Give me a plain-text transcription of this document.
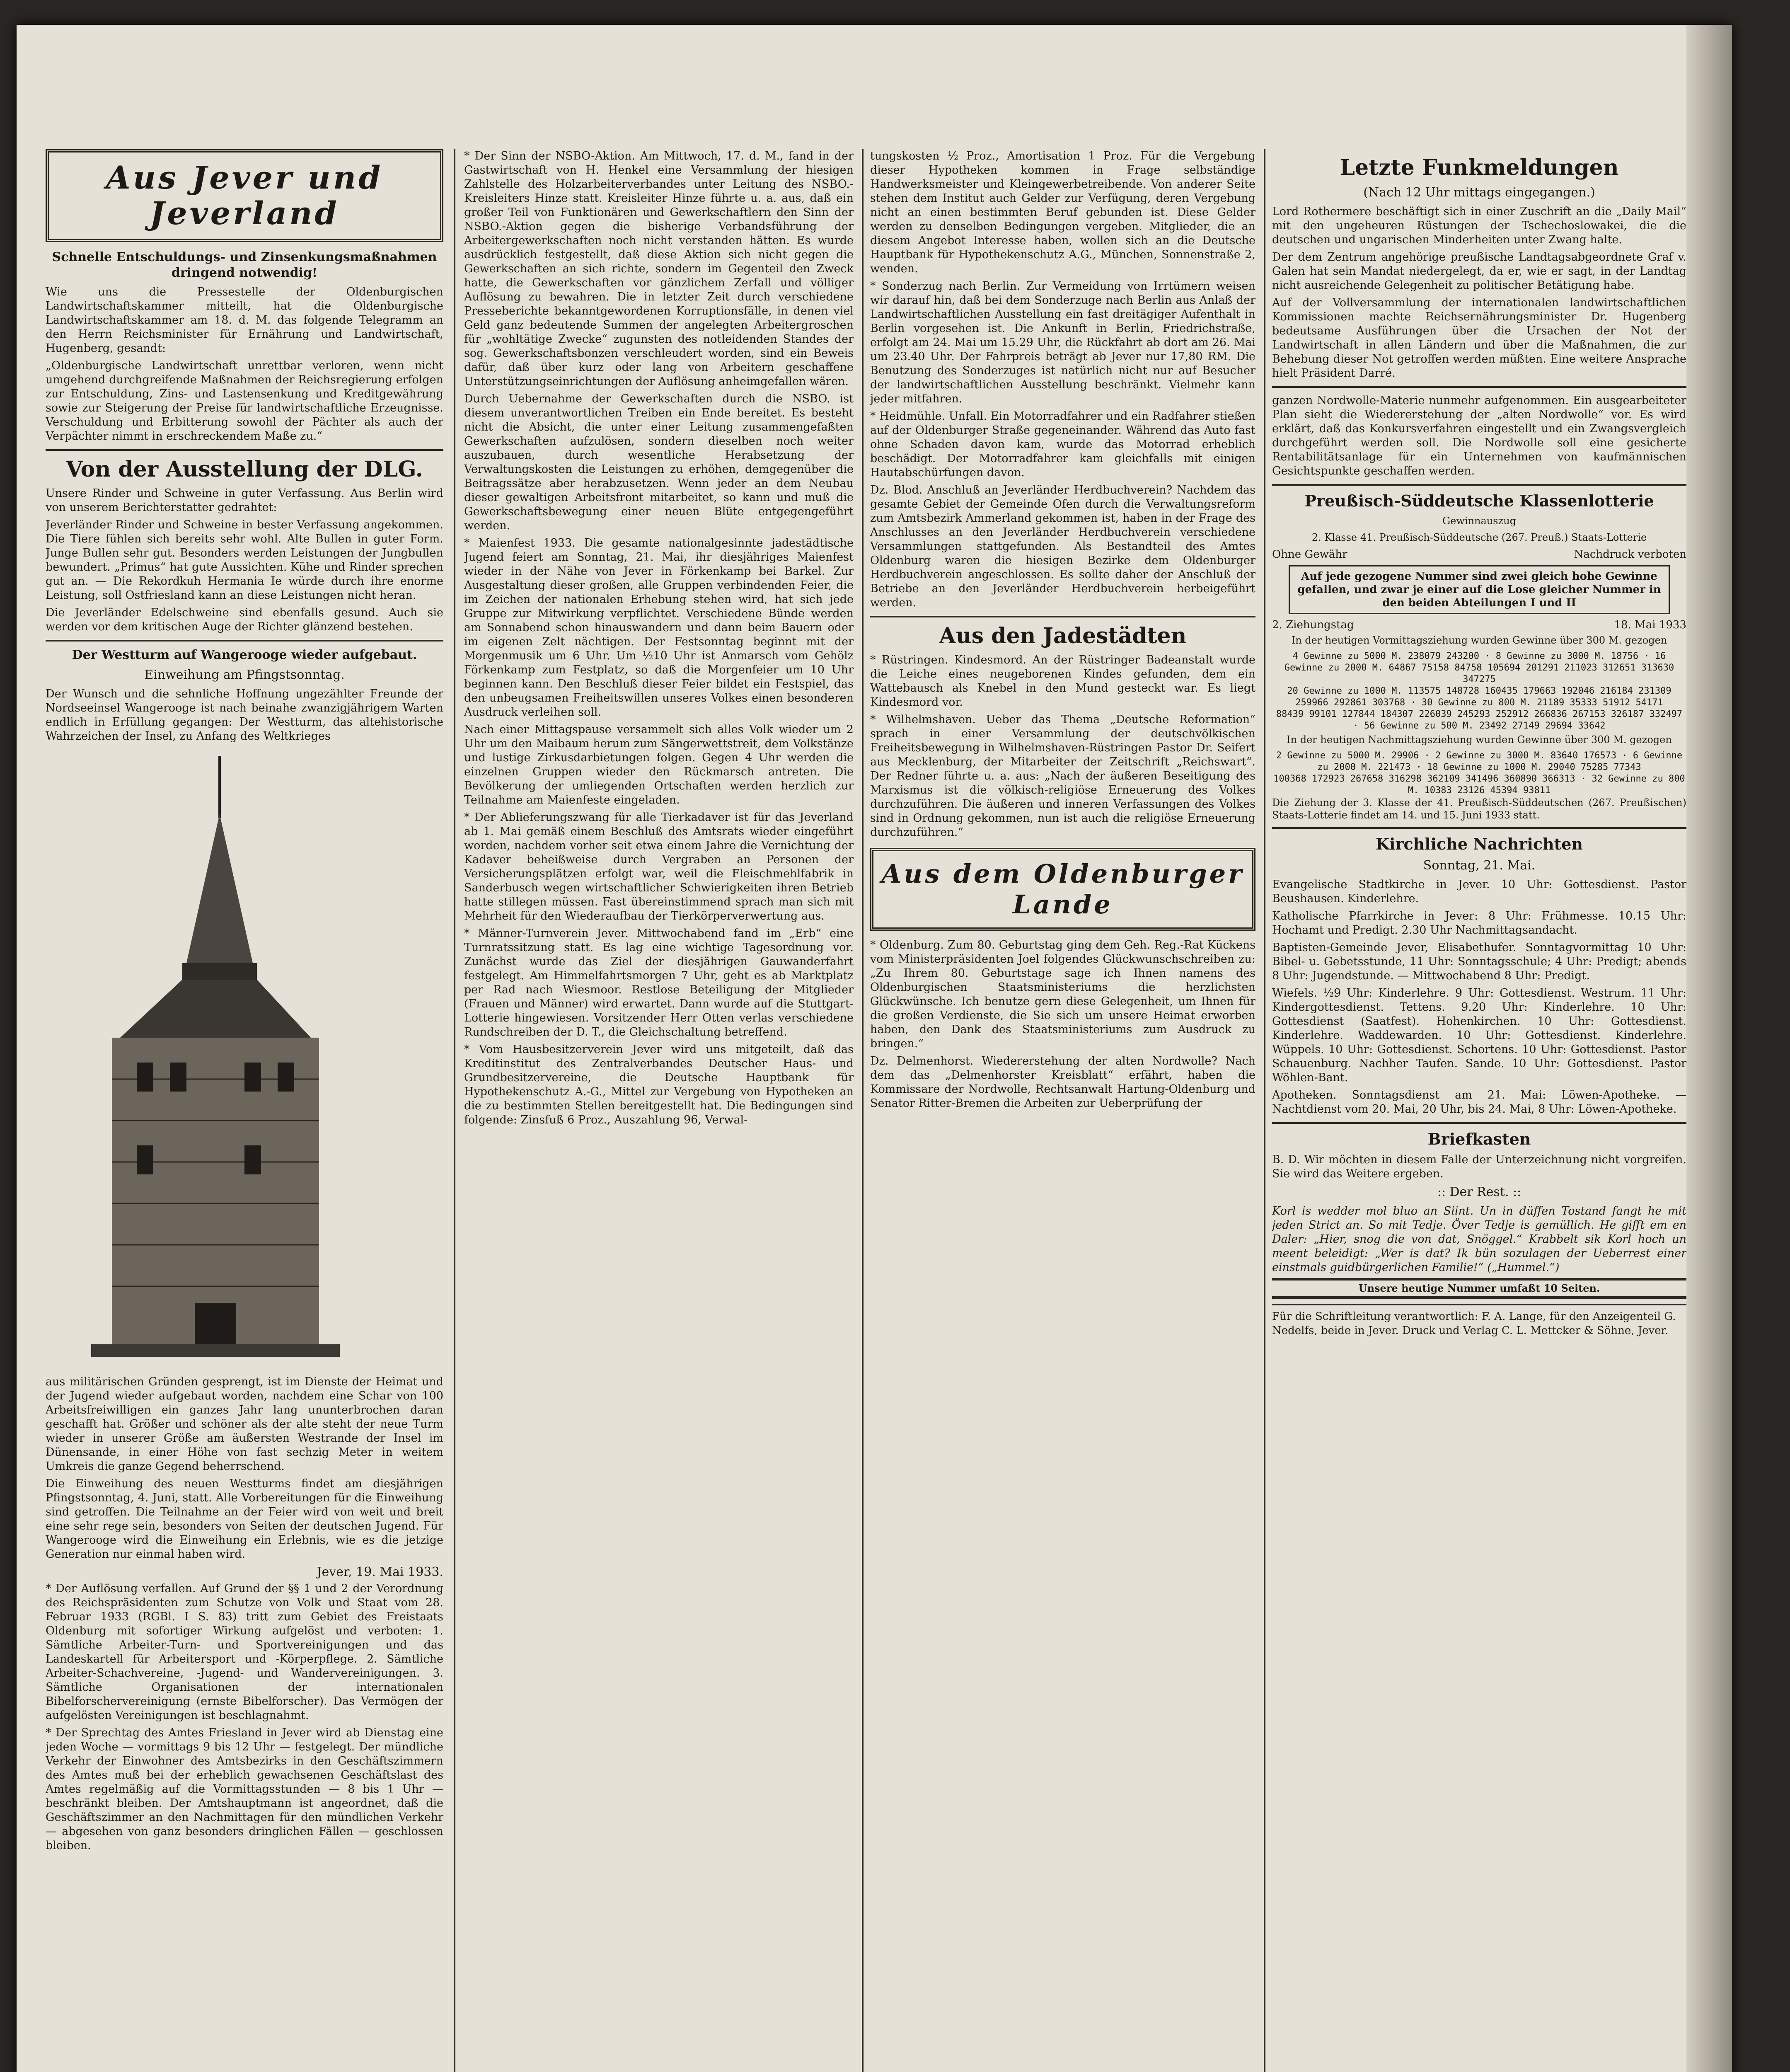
Aus Jever und Jeverland
Schnelle Entschuldungs- und Zinsenkungsmaßnahmen dringend notwendig!

Wie uns die Pressestelle der Oldenburgischen Landwirtschaftskammer mitteilt, hat die Oldenburgische Landwirtschaftskammer am 18. d. M. das folgende Telegramm an den Herrn Reichsminister für Ernährung und Landwirtschaft, Hugenberg, gesandt:

„Oldenburgische Landwirtschaft unrettbar verloren, wenn nicht umgehend durchgreifende Maßnahmen der Reichsregierung erfolgen zur Entschuldung, Zins- und Lastensenkung und Kreditgewährung sowie zur Steigerung der Preise für landwirtschaftliche Erzeugnisse. Verschuldung und Erbitterung sowohl der Pächter als auch der Verpächter nimmt in erschreckendem Maße zu.“

Von der Ausstellung der DLG.

Unsere Rinder und Schweine in guter Verfassung. Aus Berlin wird von unserem Berichterstatter gedrahtet:

Jeverländer Rinder und Schweine in bester Verfassung angekommen. Die Tiere fühlen sich bereits sehr wohl. Alte Bullen in guter Form. Junge Bullen sehr gut. Besonders werden Leistungen der Jungbullen bewundert. „Primus“ hat gute Aussichten. Kühe und Rinder sprechen gut an. — Die Rekordkuh Hermania Ie würde durch ihre enorme Leistung, soll Ostfriesland kann an diese Leistungen nicht heran.

Die Jeverländer Edelschweine sind ebenfalls gesund. Auch sie werden vor dem kritischen Auge der Richter glänzend bestehen.

Der Westturm auf Wangerooge wieder aufgebaut.
Einweihung am Pfingstsonntag.

Der Wunsch und die sehnliche Hoffnung ungezählter Freunde der Nordseeinsel Wangerooge ist nach beinahe zwanzigjährigem Warten endlich in Erfüllung gegangen: Der Westturm, das altehistorische Wahrzeichen der Insel, zu Anfang des Weltkrieges

aus militärischen Gründen gesprengt, ist im Dienste der Heimat und der Jugend wieder aufgebaut worden, nachdem eine Schar von 100 Arbeitsfreiwilligen ein ganzes Jahr lang ununterbrochen daran geschafft hat. Größer und schöner als der alte steht der neue Turm wieder in unserer Größe am äußersten Westrande der Insel im Dünensande, in einer Höhe von fast sechzig Meter in weitem Umkreis die ganze Gegend beherrschend.

Die Einweihung des neuen Westturms findet am diesjährigen Pfingstsonntag, 4. Juni, statt. Alle Vorbereitungen für die Einweihung sind getroffen. Die Teilnahme an der Feier wird von weit und breit eine sehr rege sein, besonders von Seiten der deutschen Jugend. Für Wangerooge wird die Einweihung ein Erlebnis, wie es die jetzige Generation nur einmal haben wird.

Jever, 19. Mai 1933.

* Der Auflösung verfallen. Auf Grund der §§ 1 und 2 der Verordnung des Reichspräsidenten zum Schutze von Volk und Staat vom 28. Februar 1933 (RGBl. I S. 83) tritt zum Gebiet des Freistaats Oldenburg mit sofortiger Wirkung aufgelöst und verboten: 1. Sämtliche Arbeiter-Turn- und Sportvereinigungen und das Landeskartell für Arbeitersport und -Körperpflege. 2. Sämtliche Arbeiter-Schachvereine, -Jugend- und Wandervereinigungen. 3. Sämtliche Organisationen der internationalen Bibelforschervereinigung (ernste Bibelforscher). Das Vermögen der aufgelösten Vereinigungen ist beschlagnahmt.

* Der Sprechtag des Amtes Friesland in Jever wird ab Dienstag eine jeden Woche — vormittags 9 bis 12 Uhr — festgelegt. Der mündliche Verkehr der Einwohner des Amtsbezirks in den Geschäftszimmern des Amtes muß bei der erheblich gewachsenen Geschäftslast des Amtes regelmäßig auf die Vormittagsstunden — 8 bis 1 Uhr — beschränkt bleiben. Der Amtshauptmann ist angeordnet, daß die Geschäftszimmer an den Nachmittagen für den mündlichen Verkehr — abgesehen von ganz besonders dringlichen Fällen — geschlossen bleiben.

* Der Sinn der NSBO-Aktion. Am Mittwoch, 17. d. M., fand in der Gastwirtschaft von H. Henkel eine Versammlung der hiesigen Zahlstelle des Holzarbeiterverbandes unter Leitung des NSBO.-Kreisleiters Hinze statt. Kreisleiter Hinze führte u. a. aus, daß ein großer Teil von Funktionären und Gewerkschaftlern den Sinn der NSBO.-Aktion gegen die bisherige Verbandsführung der Arbeitergewerkschaften noch nicht verstanden hätten. Es wurde ausdrücklich festgestellt, daß diese Aktion sich nicht gegen die Gewerkschaften an sich richte, sondern im Gegenteil den Zweck hatte, die Gewerkschaften vor gänzlichem Zerfall und völliger Auflösung zu bewahren. Die in letzter Zeit durch verschiedene Presseberichte bekanntgewordenen Korruptionsfälle, in denen viel Geld ganz bedeutende Summen der angelegten Arbeitergroschen für „wohltätige Zwecke“ zugunsten des notleidenden Standes der sog. Gewerkschaftsbonzen verschleudert worden, sind ein Beweis dafür, daß über kurz oder lang von Arbeitern geschaffene Unterstützungseinrichtungen der Auflösung anheimgefallen wären.

Durch Uebernahme der Gewerkschaften durch die NSBO. ist diesem unverantwortlichen Treiben ein Ende bereitet. Es besteht nicht die Absicht, die unter einer Leitung zusammengefaßten Gewerkschaften aufzulösen, sondern dieselben noch weiter auszubauen, durch wesentliche Herabsetzung der Verwaltungskosten die Leistungen zu erhöhen, demgegenüber die Beitragssätze aber herabzusetzen. Wenn jeder an dem Neubau dieser gewaltigen Arbeitsfront mitarbeitet, so kann und muß die Gewerkschaftsbewegung einer neuen Blüte entgegengeführt werden.

* Maienfest 1933. Die gesamte nationalgesinnte jadestädtische Jugend feiert am Sonntag, 21. Mai, ihr diesjähriges Maienfest wieder in der Nähe von Jever in Förkenkamp bei Barkel. Zur Ausgestaltung dieser großen, alle Gruppen verbindenden Feier, die im Zeichen der nationalen Erhebung stehen wird, hat sich jede Gruppe zur Mitwirkung verpflichtet. Verschiedene Bünde werden am Sonnabend schon hinauswandern und dann beim Bauern oder im eigenen Zelt nächtigen. Der Festsonntag beginnt mit der Morgenmusik um 6 Uhr. Um ½10 Uhr ist Anmarsch vom Gehölz Förkenkamp zum Festplatz, so daß die Morgenfeier um 10 Uhr beginnen kann. Den Beschluß dieser Feier bildet ein Festspiel, das den unbeugsamen Freiheitswillen unseres Volkes einen besonderen Ausdruck verleihen soll.

Nach einer Mittagspause versammelt sich alles Volk wieder um 2 Uhr um den Maibaum herum zum Sängerwettstreit, dem Volkstänze und lustige Zirkusdarbietungen folgen. Gegen 4 Uhr werden die einzelnen Gruppen wieder den Rückmarsch antreten. Die Bevölkerung der umliegenden Ortschaften werden herzlich zur Teilnahme am Maienfeste eingeladen.

* Der Ablieferungszwang für alle Tierkadaver ist für das Jeverland ab 1. Mai gemäß einem Beschluß des Amtsrats wieder eingeführt worden, nachdem vorher seit etwa einem Jahre die Vernichtung der Kadaver beheißweise durch Vergraben an Personen der Versicherungsplätzen erfolgt war, weil die Fleischmehlfabrik in Sanderbusch wegen wirtschaftlicher Schwierigkeiten ihren Betrieb hatte stillegen müssen. Fast übereinstimmend sprach man sich mit Mehrheit für den Wiederaufbau der Tierkörperverwertung aus.

* Männer-Turnverein Jever. Mittwochabend fand im „Erb“ eine Turnratssitzung statt. Es lag eine wichtige Tagesordnung vor. Zunächst wurde das Ziel der diesjährigen Gauwanderfahrt festgelegt. Am Himmelfahrtsmorgen 7 Uhr, geht es ab Marktplatz per Rad nach Wiesmoor. Restlose Beteiligung der Mitglieder (Frauen und Männer) wird erwartet. Dann wurde auf die Stuttgart-Lotterie hingewiesen. Vorsitzender Herr Otten verlas verschiedene Rundschreiben der D. T., die Gleichschaltung betreffend.

* Vom Hausbesitzerverein Jever wird uns mitgeteilt, daß das Kreditinstitut des Zentralverbandes Deutscher Haus- und Grundbesitzervereine, die Deutsche Hauptbank für Hypothekenschutz A.-G., Mittel zur Vergebung von Hypotheken an die zu bestimmten Stellen bereitgestellt hat. Die Bedingungen sind folgende: Zinsfuß 6 Proz., Auszahlung 96, Verwal-

tungskosten ½ Proz., Amortisation 1 Proz. Für die Vergebung dieser Hypotheken kommen in Frage selbständige Handwerksmeister und Kleingewerbetreibende. Von anderer Seite stehen dem Institut auch Gelder zur Verfügung, deren Vergebung nicht an einen bestimmten Beruf gebunden ist. Diese Gelder werden zu denselben Bedingungen vergeben. Mitglieder, die an diesem Angebot Interesse haben, wollen sich an die Deutsche Hauptbank für Hypothekenschutz A.G., München, Sonnenstraße 2, wenden.

* Sonderzug nach Berlin. Zur Vermeidung von Irrtümern weisen wir darauf hin, daß bei dem Sonderzuge nach Berlin aus Anlaß der Landwirtschaftlichen Ausstellung ein fast dreitägiger Aufenthalt in Berlin vorgesehen ist. Die Ankunft in Berlin, Friedrichstraße, erfolgt am 24. Mai um 15.29 Uhr, die Rückfahrt ab dort am 26. Mai um 23.40 Uhr. Der Fahrpreis beträgt ab Jever nur 17,80 RM. Die Benutzung des Sonderzuges ist natürlich nicht nur auf Besucher der landwirtschaftlichen Ausstellung beschränkt. Vielmehr kann jeder mitfahren.

* Heidmühle. Unfall. Ein Motorradfahrer und ein Radfahrer stießen auf der Oldenburger Straße gegeneinander. Während das Auto fast ohne Schaden davon kam, wurde das Motorrad erheblich beschädigt. Der Motorradfahrer kam gleichfalls mit einigen Hautabschürfungen davon.

Dz. Blod. Anschluß an Jeverländer Herdbuchverein? Nachdem das gesamte Gebiet der Gemeinde Ofen durch die Verwaltungsreform zum Amtsbezirk Ammerland gekommen ist, haben in der Frage des Anschlusses an den Jeverländer Herdbuchverein verschiedene Versammlungen stattgefunden. Als Bestandteil des Amtes Oldenburg waren die hiesigen Bezirke dem Oldenburger Herdbuchverein angeschlossen. Es sollte daher der Anschluß der Betriebe an den Jeverländer Herdbuchverein herbeigeführt werden.

Aus den Jadestädten

* Rüstringen. Kindesmord. An der Rüstringer Badeanstalt wurde die Leiche eines neugeborenen Kindes gefunden, dem ein Wattebausch als Knebel in den Mund gesteckt war. Es liegt Kindesmord vor.

* Wilhelmshaven. Ueber das Thema „Deutsche Reformation“ sprach in einer Versammlung der deutschvölkischen Freiheitsbewegung in Wilhelmshaven-Rüstringen Pastor Dr. Seifert aus Mecklenburg, der Mitarbeiter der Zeitschrift „Reichswart“. Der Redner führte u. a. aus: „Nach der äußeren Beseitigung des Marxismus ist die völkisch-religiöse Erneuerung des Volkes durchzuführen. Die äußeren und inneren Verfassungen des Volkes sind in Ordnung gekommen, nun ist auch die religiöse Erneuerung durchzuführen.“

Aus dem Oldenburger Lande

* Oldenburg. Zum 80. Geburtstag ging dem Geh. Reg.-Rat Kückens vom Ministerpräsidenten Joel folgendes Glückwunschschreiben zu: „Zu Ihrem 80. Geburtstage sage ich Ihnen namens des Oldenburgischen Staatsministeriums die herzlichsten Glückwünsche. Ich benutze gern diese Gelegenheit, um Ihnen für die großen Verdienste, die Sie sich um unsere Heimat erworben haben, den Dank des Staatsministeriums zum Ausdruck zu bringen.“

Dz. Delmenhorst. Wiedererstehung der alten Nordwolle? Nach dem das „Delmenhorster Kreisblatt“ erfährt, haben die Kommissare der Nordwolle, Rechtsanwalt Hartung-Oldenburg und Senator Ritter-Bremen die Arbeiten zur Ueberprüfung der

Letzte Funkmeldungen
(Nach 12 Uhr mittags eingegangen.)

Lord Rothermere beschäftigt sich in einer Zuschrift an die „Daily Mail“ mit den ungeheuren Rüstungen der Tschechoslowakei, die die deutschen und ungarischen Minderheiten unter Zwang halte.

Der dem Zentrum angehörige preußische Landtagsabgeordnete Graf v. Galen hat sein Mandat niedergelegt, da er, wie er sagt, in der Landtag nicht ausreichende Gelegenheit zu politischer Betätigung habe.

Auf der Vollversammlung der internationalen landwirtschaftlichen Kommissionen machte Reichsernährungsminister Dr. Hugenberg bedeutsame Ausführungen über die Ursachen der Not der Landwirtschaft in allen Ländern und über die Maßnahmen, die zur Behebung dieser Not getroffen werden müßten. Eine weitere Ansprache hielt Präsident Darré.

ganzen Nordwolle-Materie nunmehr aufgenommen. Ein ausgearbeiteter Plan sieht die Wiedererstehung der „alten Nordwolle“ vor. Es wird erklärt, daß das Konkursverfahren eingestellt und ein Zwangsvergleich durchgeführt werden soll. Die Nordwolle soll eine gesicherte Rentabilitätsanlage für ein Unternehmen von kaufmännischen Gesichtspunkte geschaffen werden.

Preußisch-Süddeutsche Klassenlotterie
Gewinnauszug
2. Klasse 41. Preußisch-Süddeutsche (267. Preuß.) Staats-Lotterie
Ohne Gewähr	Nachdruck verboten
Auf jede gezogene Nummer sind zwei gleich hohe Gewinne gefallen, und zwar je einer auf die Lose gleicher Nummer in den beiden Abteilungen I und II
2. Ziehungstag	18. Mai 1933
In der heutigen Vormittagsziehung wurden Gewinne über 300 M. gezogen

4 Gewinne zu 5000 M. 238079 243200 · 8 Gewinne zu 3000 M. 18756 · 16 Gewinne zu 2000 M. 64867 75158 84758 105694 201291 211023 312651 313630 347275

20 Gewinne zu 1000 M. 113575 148728 160435 179663 192046 216184 231309 259966 292861 303768 · 30 Gewinne zu 800 M. 21189 35333 51912 54171

88439 99101 127844 184307 226039 245293 252912 266836 267153 326187 332497 · 56 Gewinne zu 500 M. 23492 27149 29694 33642

In der heutigen Nachmittagsziehung wurden Gewinne über 300 M. gezogen

2 Gewinne zu 5000 M. 29906 · 2 Gewinne zu 3000 M. 83640 176573 · 6 Gewinne zu 2000 M. 221473 · 18 Gewinne zu 1000 M. 29040 75285 77343

100368 172923 267658 316298 362109 341496 360890 366313 · 32 Gewinne zu 800 M. 10383 23126 45394 93811

Die Ziehung der 3. Klasse der 41. Preußisch-Süddeutschen (267. Preußischen) Staats-Lotterie findet am 14. und 15. Juni 1933 statt.

Kirchliche Nachrichten
Sonntag, 21. Mai.

Evangelische Stadtkirche in Jever. 10 Uhr: Gottesdienst. Pastor Beushausen. Kinderlehre.

Katholische Pfarrkirche in Jever: 8 Uhr: Frühmesse. 10.15 Uhr: Hochamt und Predigt. 2.30 Uhr Nachmittagsandacht.

Baptisten-Gemeinde Jever, Elisabethufer. Sonntagvormittag 10 Uhr: Bibel- u. Gebetsstunde, 11 Uhr: Sonntagsschule; 4 Uhr: Predigt; abends 8 Uhr: Jugendstunde. — Mittwochabend 8 Uhr: Predigt.

Wiefels. ½9 Uhr: Kinderlehre. 9 Uhr: Gottesdienst. Westrum. 11 Uhr: Kindergottesdienst. Tettens. 9.20 Uhr: Kinderlehre. 10 Uhr: Gottesdienst (Saatfest). Hohenkirchen. 10 Uhr: Gottesdienst. Kinderlehre. Waddewarden. 10 Uhr: Gottesdienst. Kinderlehre. Wüppels. 10 Uhr: Gottesdienst. Schortens. 10 Uhr: Gottesdienst. Pastor Schauenburg. Nachher Taufen. Sande. 10 Uhr: Gottesdienst. Pastor Wöhlen-Bant.

Apotheken. Sonntagsdienst am 21. Mai: Löwen-Apotheke. — Nachtdienst vom 20. Mai, 20 Uhr, bis 24. Mai, 8 Uhr: Löwen-Apotheke.

Briefkasten

B. D. Wir möchten in diesem Falle der Unterzeichnung nicht vorgreifen. Sie wird das Weitere ergeben.

:: Der Rest. ::

Korl is wedder mol bluo an Siint. Un in düffen Tostand fangt he mit jeden Strict an. So mit Tedje. Över Tedje is gemüllich. He gifft em en Daler: „Hier, snog die von dat, Snöggel.“ Krabbelt sik Korl hoch un meent beleidigt: „Wer is dat? Ik bün sozulagen der Ueberrest einer einstmals guidbürgerlichen Familie!“ („Hummel.“)

Unsere heutige Nummer umfaßt 10 Seiten.
Für die Schriftleitung verantwortlich: F. A. Lange, für den Anzeigenteil G. Nedelfs, beide in Jever. Druck und Verlag C. L. Mettcker & Söhne, Jever.
